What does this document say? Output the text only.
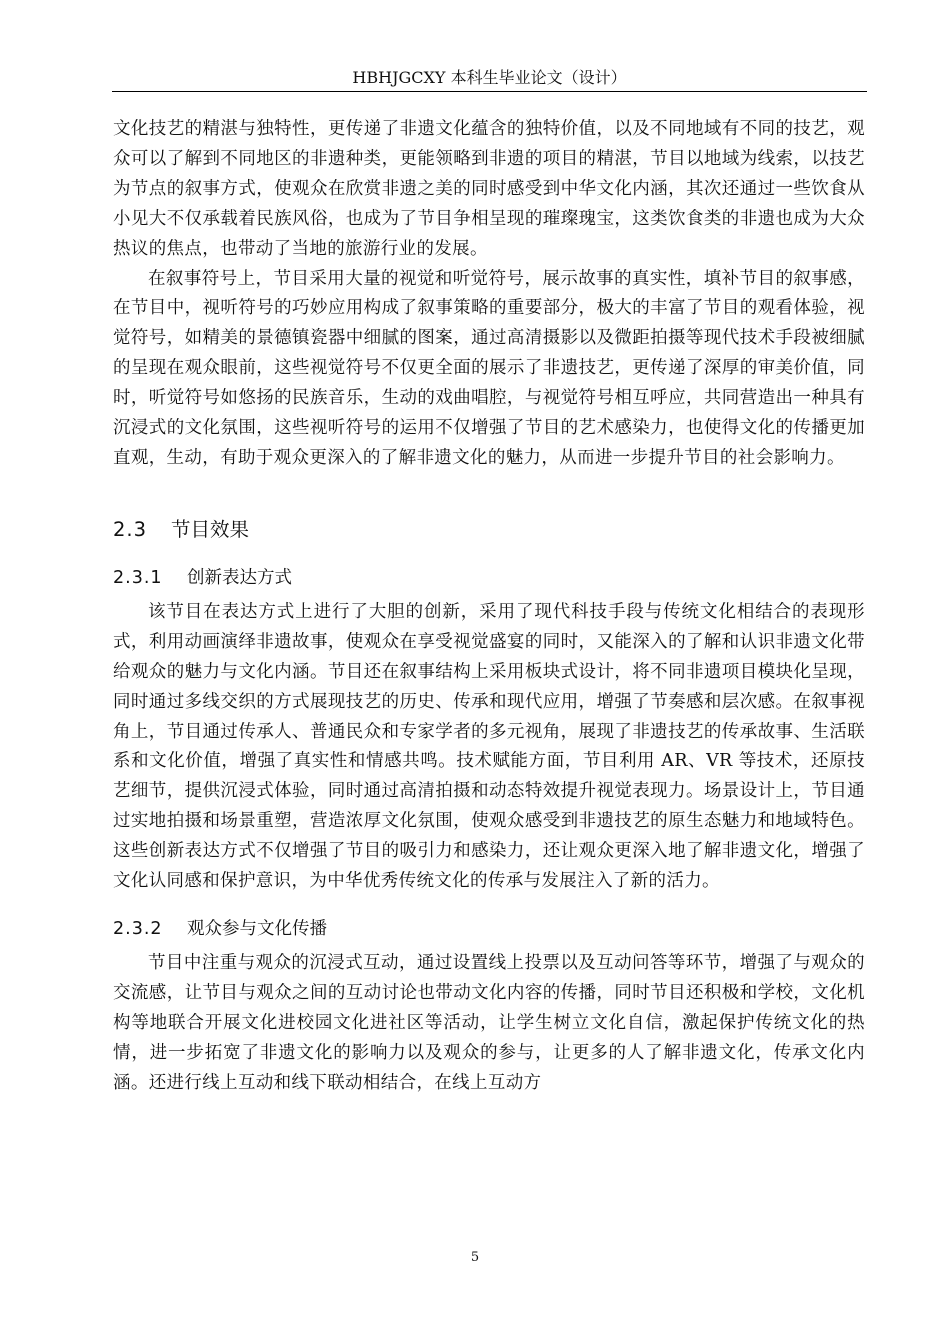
HBHJGCXY 本科生毕业论文（设计）

文化技艺的精湛与独特性，更传递了非遗文化蕴含的独特价值，以及不同地域有不同的技艺，观众可以了解到不同地区的非遗种类，更能领略到非遗的项目的精湛，节目以地域为线索，以技艺为节点的叙事方式，使观众在欣赏非遗之美的同时感受到中华文化内涵，其次还通过一些饮食从小见大不仅承载着民族风俗，也成为了节目争相呈现的璀璨瑰宝，这类饮食类的非遗也成为大众热议的焦点，也带动了当地的旅游行业的发展。

在叙事符号上，节目采用大量的视觉和听觉符号，展示故事的真实性，填补节目的叙事感，在节目中，视听符号的巧妙应用构成了叙事策略的重要部分，极大的丰富了节目的观看体验，视觉符号，如精美的景德镇瓷器中细腻的图案，通过高清摄影以及微距拍摄等现代技术手段被细腻的呈现在观众眼前，这些视觉符号不仅更全面的展示了非遗技艺，更传递了深厚的审美价值，同时，听觉符号如悠扬的民族音乐，生动的戏曲唱腔，与视觉符号相互呼应，共同营造出一种具有沉浸式的文化氛围，这些视听符号的运用不仅增强了节目的艺术感染力，也使得文化的传播更加直观，生动，有助于观众更深入的了解非遗文化的魅力，从而进一步提升节目的社会影响力。

2.3 节目效果
2.3.1 创新表达方式

该节目在表达方式上进行了大胆的创新，采用了现代科技手段与传统文化相结合的表现形式，利用动画演绎非遗故事，使观众在享受视觉盛宴的同时，又能深入的了解和认识非遗文化带给观众的魅力与文化内涵。节目还在叙事结构上采用板块式设计，将不同非遗项目模块化呈现，同时通过多线交织的方式展现技艺的历史、传承和现代应用，增强了节奏感和层次感。在叙事视角上，节目通过传承人、普通民众和专家学者的多元视角，展现了非遗技艺的传承故事、生活联系和文化价值，增强了真实性和情感共鸣。技术赋能方面，节目利用 AR、VR 等技术，还原技艺细节，提供沉浸式体验，同时通过高清拍摄和动态特效提升视觉表现力。场景设计上，节目通过实地拍摄和场景重塑，营造浓厚文化氛围，使观众感受到非遗技艺的原生态魅力和地域特色。这些创新表达方式不仅增强了节目的吸引力和感染力，还让观众更深入地了解非遗文化，增强了文化认同感和保护意识，为中华优秀传统文化的传承与发展注入了新的活力。

2.3.2 观众参与文化传播

节目中注重与观众的沉浸式互动，通过设置线上投票以及互动问答等环节，增强了与观众的交流感，让节目与观众之间的互动讨论也带动文化内容的传播，同时节目还积极和学校，文化机构等地联合开展文化进校园文化进社区等活动，让学生树立文化自信，激起保护传统文化的热情，进一步拓宽了非遗文化的影响力以及观众的参与，让更多的人了解非遗文化，传承文化内涵。还进行线上互动和线下联动相结合，在线上互动方

5
